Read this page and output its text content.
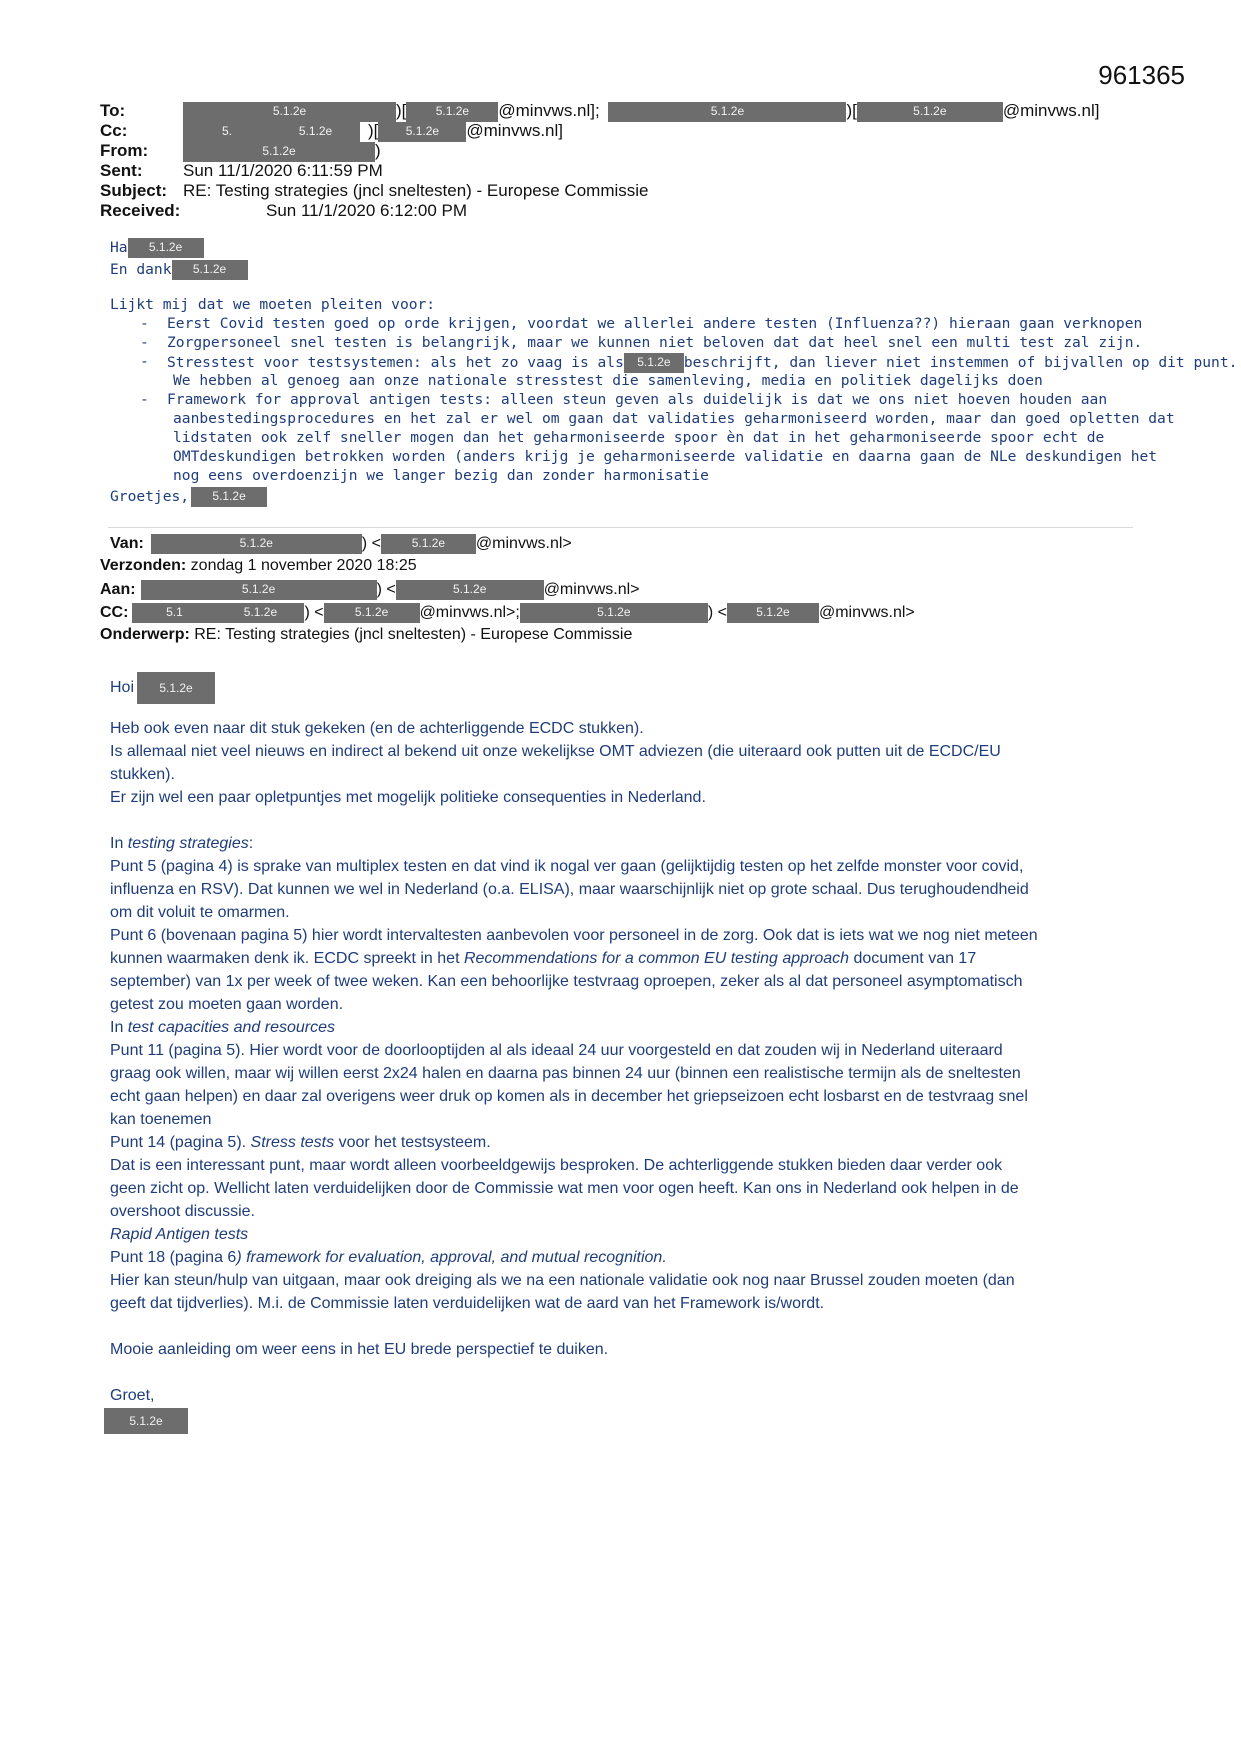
961365
To:	5.1.2e	)[ 5.1.2e @minvws.nl];	5.1.2e	)[	5.1.2e	@minvws.nl]
Cc:	5.	5.1.2e )[ 5.1.2e @minvws.nl]
From:	5.1.2e	)
Sent: Sun 11/1/2020 6:11:59 PM
Subject: RE: Testing strategies (jncl sneltesten) - Europese Commissie
Received:	Sun 11/1/2020 6:12:00 PM
Ha 5.1.2e
En dank 5.1.2e
Lijkt mij dat we moeten pleiten voor:
- Eerst Covid testen goed op orde krijgen, voordat we allerlei andere testen (Influenza??) hieraan gaan verknopen
- Zorgpersoneel snel testen is belangrijk, maar we kunnen niet beloven dat dat heel snel een multi test zal zijn.
- Stresstest voor testsystemen: als het zo vaag is als 5.1.2e beschrijft, dan liever niet instemmen of bijvallen op dit punt.
We hebben al genoeg aan onze nationale stresstest die samenleving, media en politiek dagelijks doen
- Framework for approval antigen tests: alleen steun geven als duidelijk is dat we ons niet hoeven houden aan
aanbestedingsprocedures en het zal er wel om gaan dat validaties geharmoniseerd worden, maar dan goed opletten dat
lidstaten ook zelf sneller mogen dan het geharmoniseerde spoor èn dat in het geharmoniseerde spoor echt de
OMTdeskundigen betrokken worden (anders krijg je geharmoniseerde validatie en daarna gaan de NLe deskundigen het
nog eens overdoenzijn we langer bezig dan zonder harmonisatie
Groetjes, 5.1.2e
Van:	5.1.2e	) <	5.1.2e @minvws.nl>
Verzonden: zondag 1 november 2020 18:25
Aan:	5.1.2e	) <	5.1.2e	@minvws.nl>
CC:	5.1	5.1.2e ) <	5.1.2e @minvws.nl>;	5.1.2e	) < 5.1.2e @minvws.nl>
Onderwerp: RE: Testing strategies (jncl sneltesten) - Europese Commissie
Hoi 5.1.2e
Heb ook even naar dit stuk gekeken (en de achterliggende ECDC stukken).
Is allemaal niet veel nieuws en indirect al bekend uit onze wekelijkse OMT adviezen (die uiteraard ook putten uit de ECDC/EU
stukken).
Er zijn wel een paar opletpuntjes met mogelijk politieke consequenties in Nederland.
In testing strategies:
Punt 5 (pagina 4) is sprake van multiplex testen en dat vind ik nogal ver gaan (gelijktijdig testen op het zelfde monster voor covid,
influenza en RSV). Dat kunnen we wel in Nederland (o.a. ELISA), maar waarschijnlijk niet op grote schaal. Dus terughoudendheid
om dit voluit te omarmen.
Punt 6 (bovenaan pagina 5) hier wordt intervaltesten aanbevolen voor personeel in de zorg. Ook dat is iets wat we nog niet meteen
kunnen waarmaken denk ik. ECDC spreekt in het Recommendations for a common EU testing approach document van 17
september) van 1x per week of twee weken. Kan een behoorlijke testvraag oproepen, zeker als al dat personeel asymptomatisch
getest zou moeten gaan worden.
In test capacities and resources
Punt 11 (pagina 5). Hier wordt voor de doorlooptijden al als ideaal 24 uur voorgesteld en dat zouden wij in Nederland uiteraard
graag ook willen, maar wij willen eerst 2x24 halen en daarna pas binnen 24 uur (binnen een realistische termijn als de sneltesten
echt gaan helpen) en daar zal overigens weer druk op komen als in december het griepseizoen echt losbarst en de testvraag snel
kan toenemen
Punt 14 (pagina 5). Stress tests voor het testsysteem.
Dat is een interessant punt, maar wordt alleen voorbeeldgewijs besproken. De achterliggende stukken bieden daar verder ook
geen zicht op. Wellicht laten verduidelijken door de Commissie wat men voor ogen heeft. Kan ons in Nederland ook helpen in de
overshoot discussie.
Rapid Antigen tests
Punt 18 (pagina 6) framework for evaluation, approval, and mutual recognition.
Hier kan steun/hulp van uitgaan, maar ook dreiging als we na een nationale validatie ook nog naar Brussel zouden moeten (dan
geeft dat tijdverlies). M.i. de Commissie laten verduidelijken wat de aard van het Framework is/wordt.
Mooie aanleiding om weer eens in het EU brede perspectief te duiken.
Groet,
5.1.2e
